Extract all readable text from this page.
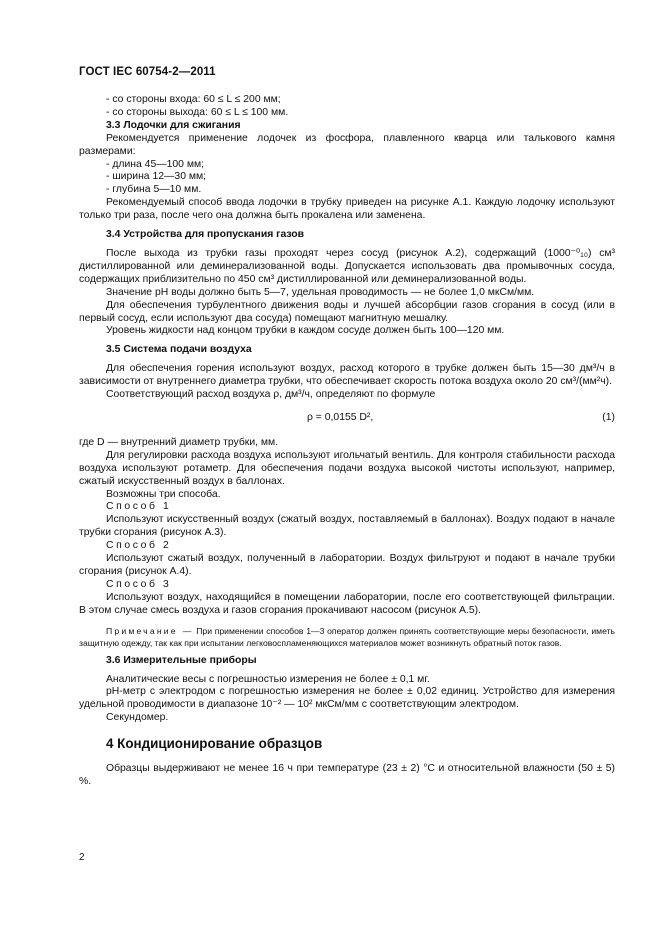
ГОСТ IEC 60754-2—2011

- со стороны входа: 60 ≤ L ≤ 200 мм;

- со стороны выхода: 60 ≤ L ≤ 100 мм.

3.3 Лодочки для сжигания

Рекомендуется применение лодочек из фосфора, плавленного кварца или талькового камня размерами:

- длина 45—100 мм;

- ширина 12—30 мм;

- глубина 5—10 мм.

Рекомендуемый способ ввода лодочки в трубку приведен на рисунке А.1. Каждую лодочку используют только три раза, после чего она должна быть прокалена или заменена.

3.4 Устройства для пропускания газов

После выхода из трубки газы проходят через сосуд (рисунок А.2), содержащий (1000⁻⁰₁₀) см³ дистиллированной или деминерализованной воды. Допускается использовать два промывочных сосуда, содержащих приблизительно по 450 см³ дистиллированной или деминерализованной воды.

Значение рН воды должно быть 5—7, удельная проводимость — не более 1,0 мкСм/мм.

Для обеспечения турбулентного движения воды и лучшей абсорбции газов сгорания в сосуд (или в первый сосуд, если используют два сосуда) помещают магнитную мешалку.

Уровень жидкости над концом трубки в каждом сосуде должен быть 100—120 мм.

3.5 Система подачи воздуха

Для обеспечения горения используют воздух, расход которого в трубке должен быть 15—30 дм³/ч в зависимости от внутреннего диаметра трубки, что обеспечивает скорость потока воздуха около 20 см³/(мм²ч).

Соответствующий расход воздуха ρ, дм³/ч, определяют по формуле

ρ = 0,0155 D²,	(1)

где D — внутренний диаметр трубки, мм.

Для регулировки расхода воздуха используют игольчатый вентиль. Для контроля стабильности расхода воздуха используют ротаметр. Для обеспечения подачи воздуха высокой чистоты используют, например, сжатый искусственный воздух в баллонах.

Возможны три способа.

Способ 1

Используют искусственный воздух (сжатый воздух, поставляемый в баллонах). Воздух подают в начале трубки сгорания (рисунок А.3).

Способ 2

Используют сжатый воздух, полученный в лаборатории. Воздух фильтруют и подают в начале трубки сгорания (рисунок А.4).

Способ 3

Используют воздух, находящийся в помещении лаборатории, после его соответствующей фильтрации. В этом случае смесь воздуха и газов сгорания прокачивают насосом (рисунок А.5).

Примечание — При применении способов 1—3 оператор должен принять соответствующие меры безопасности, иметь защитную одежду, так как при испытании легковоспламеняющихся материалов может возникнуть обратный поток газов.

3.6 Измерительные приборы

Аналитические весы с погрешностью измерения не более ± 0,1 мг.

рН-метр с электродом с погрешностью измерения не более ± 0,02 единиц. Устройство для измерения удельной проводимости в диапазоне 10⁻² — 10² мкСм/мм с соответствующим электродом.

Секундомер.

4 Кондиционирование образцов

Образцы выдерживают не менее 16 ч при температуре (23 ± 2) °С и относительной влажности (50 ± 5) %.

2
